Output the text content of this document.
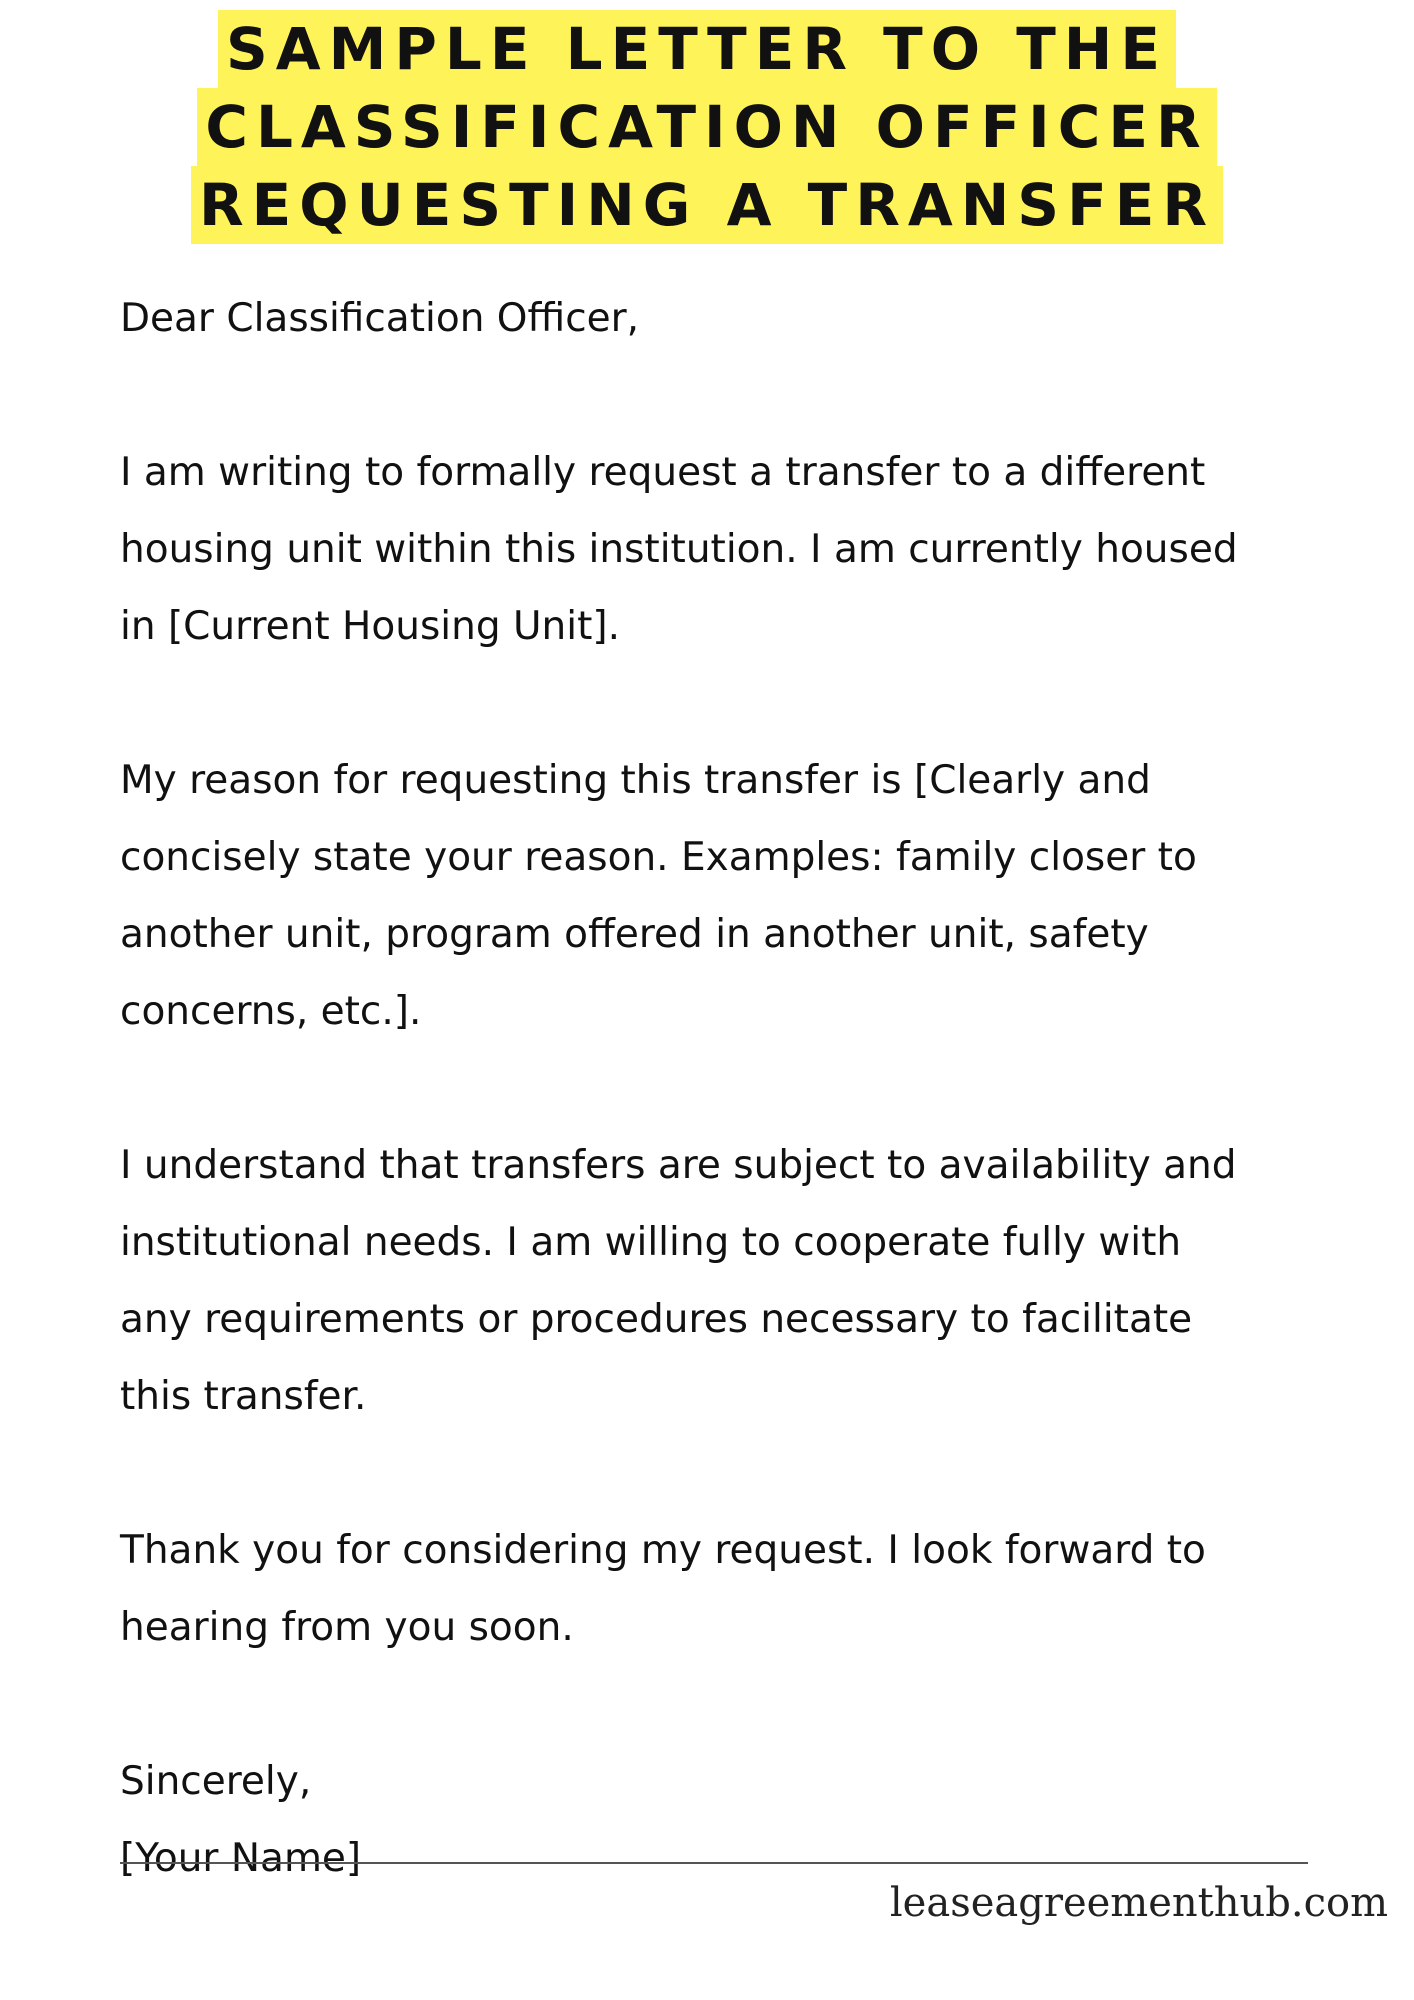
SAMPLE LETTER TO THE
CLASSIFICATION OFFICER
REQUESTING A TRANSFER

Dear Classification Officer,

I am writing to formally request a transfer to a different
housing unit within this institution. I am currently housed
in [Current Housing Unit].

My reason for requesting this transfer is [Clearly and
concisely state your reason. Examples: family closer to
another unit, program offered in another unit, safety
concerns, etc.].

I understand that transfers are subject to availability and
institutional needs. I am willing to cooperate fully with
any requirements or procedures necessary to facilitate
this transfer.

Thank you for considering my request. I look forward to
hearing from you soon.

Sincerely,

[Your Name]

leaseagreementhub.com
